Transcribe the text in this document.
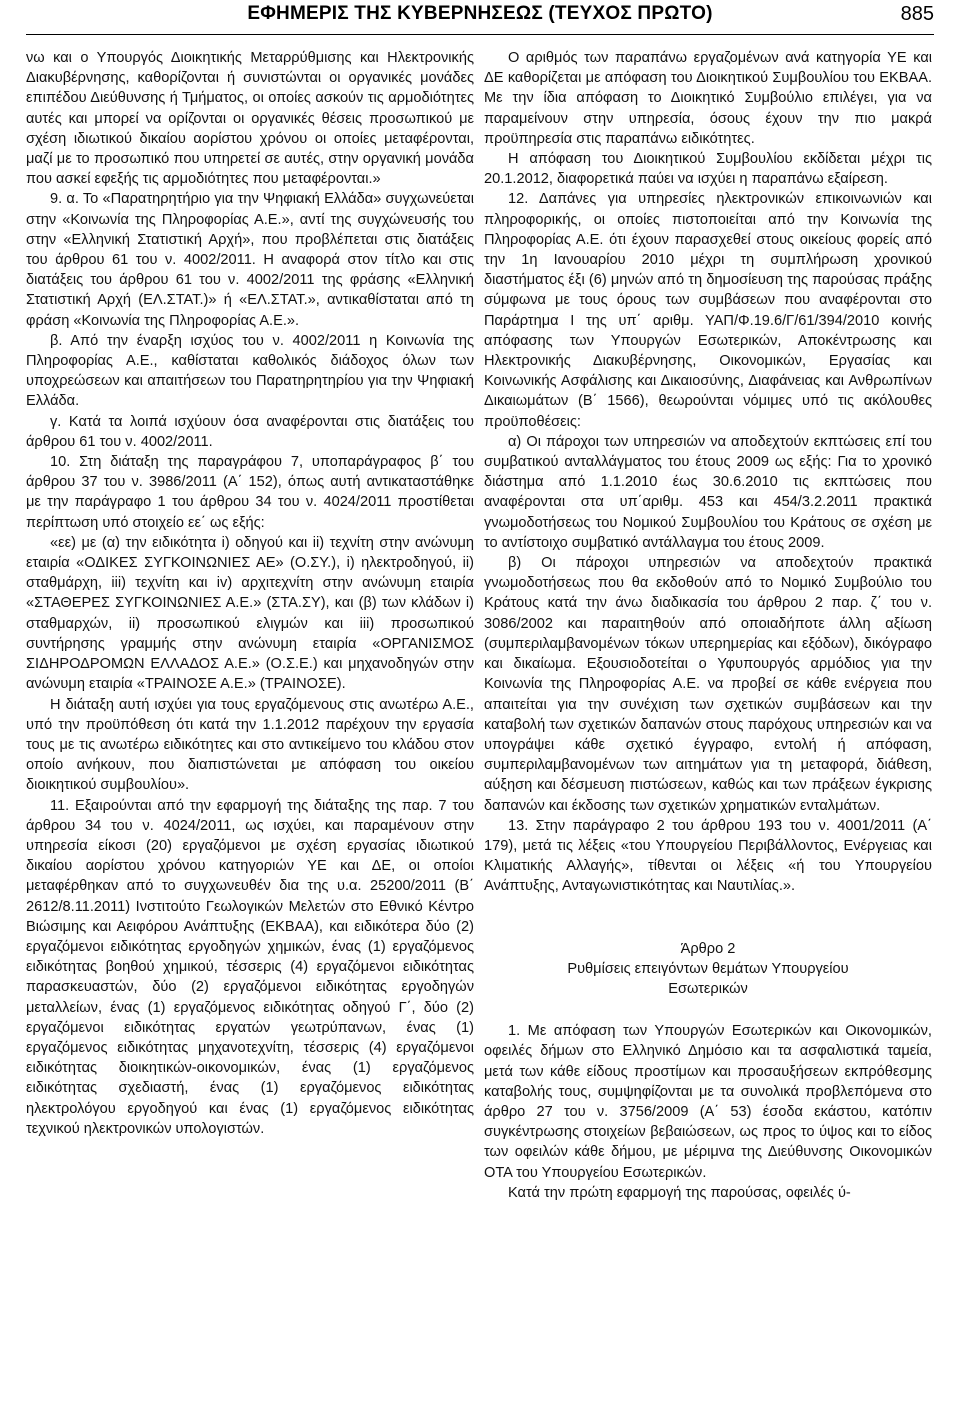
ΕΦΗΜΕΡΙΣ ΤΗΣ ΚΥΒΕΡΝΗΣΕΩΣ (ΤΕΥΧΟΣ ΠΡΩΤΟ)	885

νω και ο Υπουργός Διοικητικής Μεταρρύθμισης και Ηλεκτρονικής Διακυβέρνησης, καθορίζονται ή συνιστώνται οι οργανικές μονάδες επιπέδου Διεύθυνσης ή Τμήματος, οι οποίες ασκούν τις αρμοδιότητες αυτές και μπορεί να ορίζονται οι οργανικές θέσεις προσωπικού με σχέση ιδιωτικού δικαίου αορίστου χρόνου οι οποίες μεταφέρονται, μαζί με το προσωπικό που υπηρετεί σε αυτές, στην οργανική μονάδα που ασκεί εφεξής τις αρμοδιότητες που μεταφέρονται.»

9. α. Το «Παρατηρητήριο για την Ψηφιακή Ελλάδα» συγχωνεύεται στην «Κοινωνία της Πληροφορίας Α.Ε.», αντί της συγχώνευσής του στην «Ελληνική Στατιστική Αρχή», που προβλέπεται στις διατάξεις του άρθρου 61 του ν. 4002/2011. Η αναφορά στον τίτλο και στις διατάξεις του άρθρου 61 του ν. 4002/2011 της φράσης «Ελληνική Στατιστική Αρχή (ΕΛ.ΣΤΑΤ.)» ή «ΕΛ.ΣΤΑΤ.», αντικαθίσταται από τη φράση «Κοινωνία της Πληροφορίας Α.Ε.».

β. Από την έναρξη ισχύος του ν. 4002/2011 η Κοινωνία της Πληροφορίας Α.Ε., καθίσταται καθολικός διάδοχος όλων των υποχρεώσεων και απαιτήσεων του Παρατηρητηρίου για την Ψηφιακή Ελλάδα.

γ. Κατά τα λοιπά ισχύουν όσα αναφέρονται στις διατάξεις του άρθρου 61 του ν. 4002/2011.

10. Στη διάταξη της παραγράφου 7, υποπαράγραφος β΄ του άρθρου 37 του ν. 3986/2011 (Α΄ 152), όπως αυτή αντικαταστάθηκε με την παράγραφο 1 του άρθρου 34 του ν. 4024/2011 προστίθεται περίπτωση υπό στοιχείο εε΄ ως εξής:

«εε) με (α) την ειδικότητα i) οδηγού και ii) τεχνίτη στην ανώνυμη εταιρία «ΟΔΙΚΕΣ ΣΥΓΚΟΙΝΩΝΙΕΣ ΑΕ» (Ο.ΣΥ.), i) ηλεκτροδηγού, ii) σταθμάρχη, iii) τεχνίτη και iv) αρχιτεχνίτη στην ανώνυμη εταιρία «ΣΤΑΘΕΡΕΣ ΣΥΓΚΟΙΝΩΝΙΕΣ Α.Ε.» (ΣΤΑ.ΣΥ), και (β) των κλάδων i) σταθμαρχών, ii) προσωπικού ελιγμών και iii) προσωπικού συντήρησης γραμμής στην ανώνυμη εταιρία «ΟΡΓΑΝΙΣΜΟΣ ΣΙΔΗΡΟΔΡΟΜΩΝ ΕΛΛΑΔΟΣ Α.Ε.» (Ο.Σ.Ε.) και μηχανοδηγών στην ανώνυμη εταιρία «ΤΡΑΙΝΟΣΕ Α.Ε.» (ΤΡΑΙΝΟΣΕ).

Η διάταξη αυτή ισχύει για τους εργαζόμενους στις ανωτέρω Α.Ε., υπό την προϋπόθεση ότι κατά την 1.1.2012 παρέχουν την εργασία τους με τις ανωτέρω ειδικότητες και στο αντικείμενο του κλάδου στον οποίο ανήκουν, που διαπιστώνεται με απόφαση του οικείου διοικητικού συμβουλίου».

11. Εξαιρούνται από την εφαρμογή της διάταξης της παρ. 7 του άρθρου 34 του ν. 4024/2011, ως ισχύει, και παραμένουν στην υπηρεσία είκοσι (20) εργαζόμενοι με σχέση εργασίας ιδιωτικού δικαίου αορίστου χρόνου κατηγοριών ΥΕ και ΔΕ, οι οποίοι μεταφέρθηκαν από το συγχωνευθέν δια της υ.α. 25200/2011 (Β΄ 2612/8.11.2011) Ινστιτούτο Γεωλογικών Μελετών στο Εθνικό Κέντρο Βιώσιμης και Αειφόρου Ανάπτυξης (ΕΚΒΑΑ), και ειδικότερα δύο (2) εργαζόμενοι ειδικότητας εργοδηγών χημικών, ένας (1) εργαζόμενος ειδικότητας βοηθού χημικού, τέσσερις (4) εργαζόμενοι ειδικότητας παρασκευαστών, δύο (2) εργαζόμενοι ειδικότητας εργοδηγών μεταλλείων, ένας (1) εργαζόμενος ειδικότητας οδηγού Γ΄, δύο (2) εργαζόμενοι ειδικότητας εργατών γεωτρύπανων, ένας (1) εργαζόμενος ειδικότητας μηχανοτεχνίτη, τέσσερις (4) εργαζόμενοι ειδικότητας διοικητικών-οικονομικών, ένας (1) εργαζόμενος ειδικότητας σχεδιαστή, ένας (1) εργαζόμενος ειδικότητας ηλεκτρολόγου εργοδηγού και ένας (1) εργαζόμενος ειδικότητας τεχνικού ηλεκτρονικών υπολογιστών.

Ο αριθμός των παραπάνω εργαζομένων ανά κατηγορία ΥΕ και ΔΕ καθορίζεται με απόφαση του Διοικητικού Συμβουλίου του ΕΚΒΑΑ. Με την ίδια απόφαση το Διοικητικό Συμβούλιο επιλέγει, για να παραμείνουν στην υπηρεσία, όσους έχουν την πιο μακρά προϋπηρεσία στις παραπάνω ειδικότητες.

Η απόφαση του Διοικητικού Συμβουλίου εκδίδεται μέχρι τις 20.1.2012, διαφορετικά παύει να ισχύει η παραπάνω εξαίρεση.

12. Δαπάνες για υπηρεσίες ηλεκτρονικών επικοινωνιών και πληροφορικής, οι οποίες πιστοποιείται από την Κοινωνία της Πληροφορίας Α.Ε. ότι έχουν παρασχεθεί στους οικείους φορείς από την 1η Ιανουαρίου 2010 μέχρι τη συμπλήρωση χρονικού διαστήματος έξι (6) μηνών από τη δημοσίευση της παρούσας πράξης σύμφωνα με τους όρους των συμβάσεων που αναφέρονται στο Παράρτημα Ι της υπ΄ αριθμ. ΥΑΠ/Φ.19.6/Γ/61/394/2010 κοινής απόφασης των Υπουργών Εσωτερικών, Αποκέντρωσης και Ηλεκτρονικής Διακυβέρνησης, Οικονομικών, Εργασίας και Κοινωνικής Ασφάλισης και Δικαιοσύνης, Διαφάνειας και Ανθρωπίνων Δικαιωμάτων (Β΄ 1566), θεωρούνται νόμιμες υπό τις ακόλουθες προϋποθέσεις:

α) Οι πάροχοι των υπηρεσιών να αποδεχτούν εκπτώσεις επί του συμβατικού ανταλλάγματος του έτους 2009 ως εξής: Για το χρονικό διάστημα από 1.1.2010 έως 30.6.2010 τις εκπτώσεις που αναφέρονται στα υπ΄αριθμ. 453 και 454/3.2.2011 πρακτικά γνωμοδοτήσεως του Νομικού Συμβουλίου του Κράτους σε σχέση με το αντίστοιχο συμβατικό αντάλλαγμα του έτους 2009.

β) Οι πάροχοι υπηρεσιών να αποδεχτούν πρακτικά γνωμοδοτήσεως που θα εκδοθούν από το Νομικό Συμβούλιο του Κράτους κατά την άνω διαδικασία του άρθρου 2 παρ. ζ΄ του ν. 3086/2002 και παραιτηθούν από οποιαδήποτε άλλη αξίωση (συμπεριλαμβανομένων τόκων υπερημερίας και εξόδων), δικόγραφο και δικαίωμα. Εξουσιοδοτείται ο Υφυπουργός αρμόδιος για την Κοινωνία της Πληροφορίας Α.Ε. να προβεί σε κάθε ενέργεια που απαιτείται για την συνέχιση των σχετικών συμβάσεων και την καταβολή των σχετικών δαπανών στους παρόχους υπηρεσιών και να υπογράψει κάθε σχετικό έγγραφο, εντολή ή απόφαση, συμπεριλαμβανομένων των αιτημάτων για τη μεταφορά, διάθεση, αύξηση και δέσμευση πιστώσεων, καθώς και των πράξεων έγκρισης δαπανών και έκδοσης των σχετικών χρηματικών ενταλμάτων.

13. Στην παράγραφο 2 του άρθρου 193 του ν. 4001/2011 (Α΄ 179), μετά τις λέξεις «του Υπουργείου Περιβάλλοντος, Ενέργειας και Κλιματικής Αλλαγής», τίθενται οι λέξεις «ή του Υπουργείου Ανάπτυξης, Ανταγωνιστικότητας και Ναυτιλίας.».

Άρθρο 2

Ρυθμίσεις επειγόντων θεμάτων Υπουργείου

Εσωτερικών

1. Με απόφαση των Υπουργών Εσωτερικών και Οικονομικών, οφειλές δήμων στο Ελληνικό Δημόσιο και τα ασφαλιστικά ταμεία, μετά των κάθε είδους προστίμων και προσαυξήσεων εκπρόθεσμης καταβολής τους, συμψηφίζονται με τα συνολικά προβλεπόμενα στο άρθρο 27 του ν. 3756/2009 (Α΄ 53) έσοδα εκάστου, κατόπιν συγκέντρωσης στοιχείων βεβαιώσεων, ως προς το ύψος και το είδος των οφειλών κάθε δήμου, με μέριμνα της Διεύθυνσης Οικονομικών ΟΤΑ του Υπουργείου Εσωτερικών.

Κατά την πρώτη εφαρμογή της παρούσας, οφειλές ύ-
